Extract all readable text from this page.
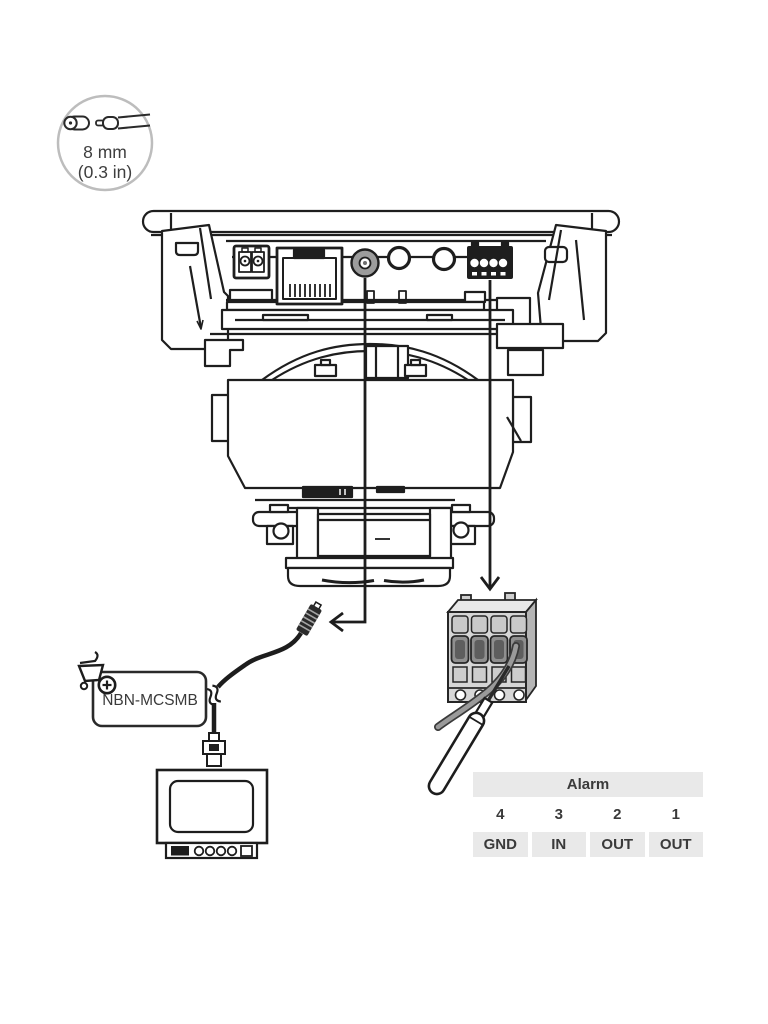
8 mm
(0.3 in)
NBN-MCSMB
Alarm
4	3	2	1
GND	IN	OUT	OUT
